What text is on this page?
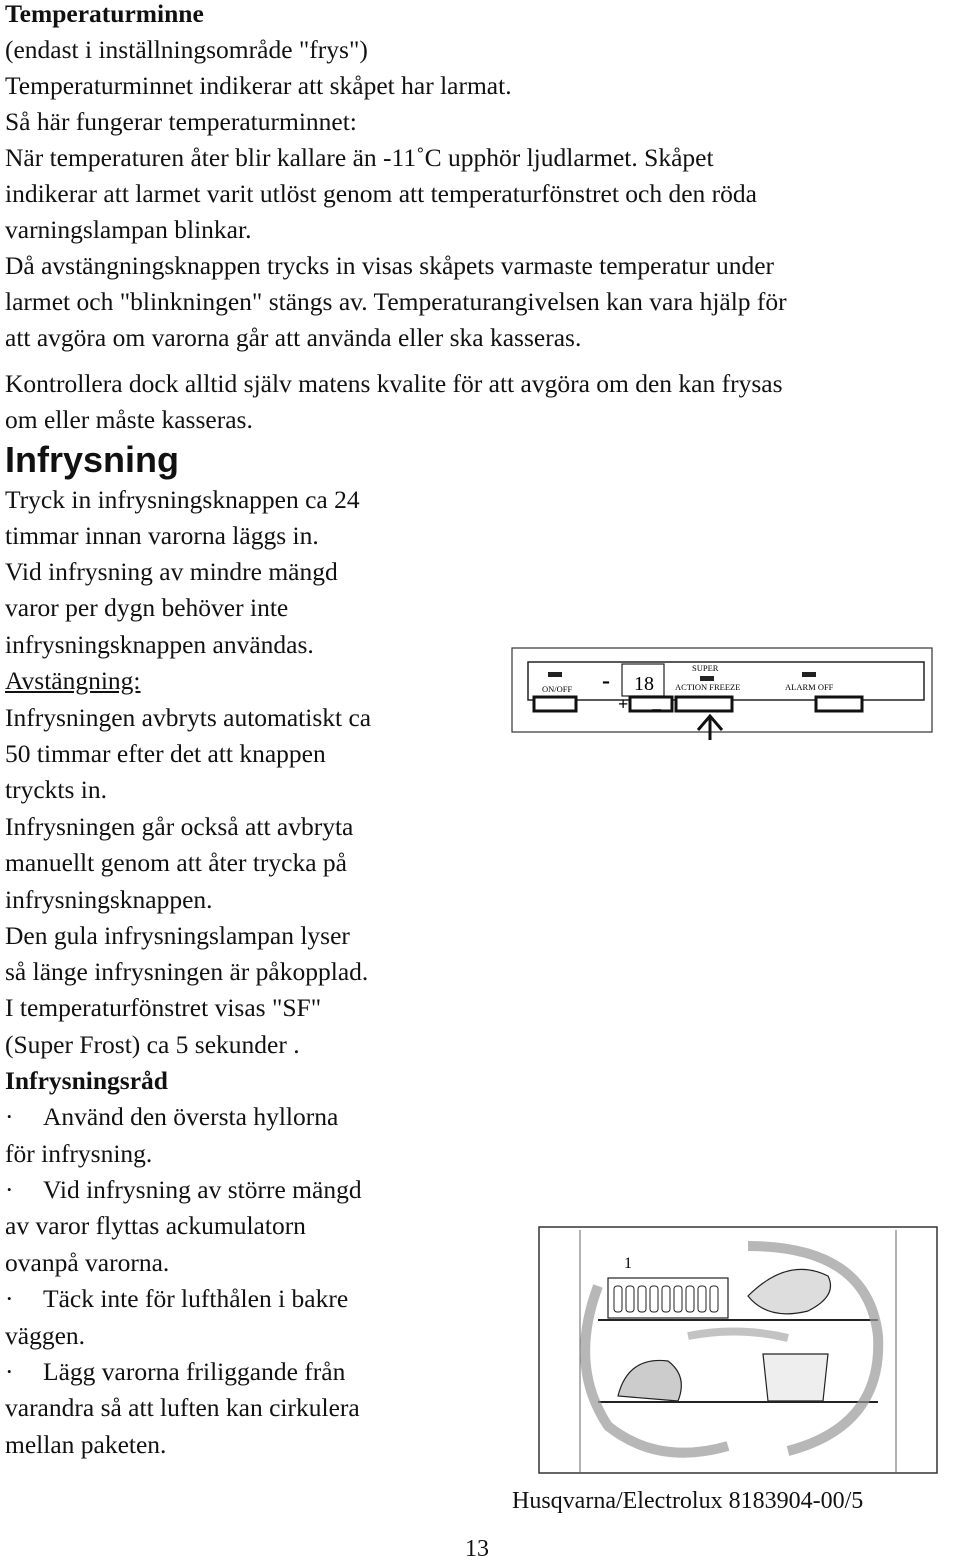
Temperaturminne
(endast i inställningsområde "frys")
Temperaturminnet indikerar att skåpet har larmat.
Så här fungerar temperaturminnet:
När temperaturen åter blir kallare än -11˚C upphör ljudlarmet. Skåpet
indikerar att larmet varit utlöst genom att temperaturfönstret och den röda
varningslampan blinkar.
Då avstängningsknappen trycks in visas skåpets varmaste temperatur under
larmet och "blinkningen" stängs av. Temperaturangivelsen kan vara hjälp för
att avgöra om varorna går att använda eller ska kasseras.
Kontrollera dock alltid själv matens kvalite för att avgöra om den kan frysas
om eller måste kasseras.
Infrysning
Tryck in infrysningsknappen ca 24
timmar innan varorna läggs in.
Vid infrysning av mindre mängd
varor per dygn behöver inte
infrysningsknappen användas.
Avstängning:
Infrysningen avbryts automatiskt ca
50 timmar efter det att knappen
tryckts in.
Infrysningen går också att avbryta
manuellt genom att åter trycka på
infrysningsknappen.
Den gula infrysningslampan lyser
så länge infrysningen är påkopplad.
I temperaturfönstret visas "SF"
(Super Frost) ca 5 sekunder .
Infrysningsråd
· Använd den översta hyllorna
för infrysning.
· Vid infrysning av större mängd
av varor flyttas ackumulatorn
ovanpå varorna.
· Täck inte för lufthålen i bakre
väggen.
· Lägg varorna friliggande från
varandra så att luften kan cirkulera
mellan paketen.
18
-
ON/OFF
SUPER
ACTION FREEZE	ALARM OFF
+ _
1
Husqvarna/Electrolux 8183904-00/5
13
